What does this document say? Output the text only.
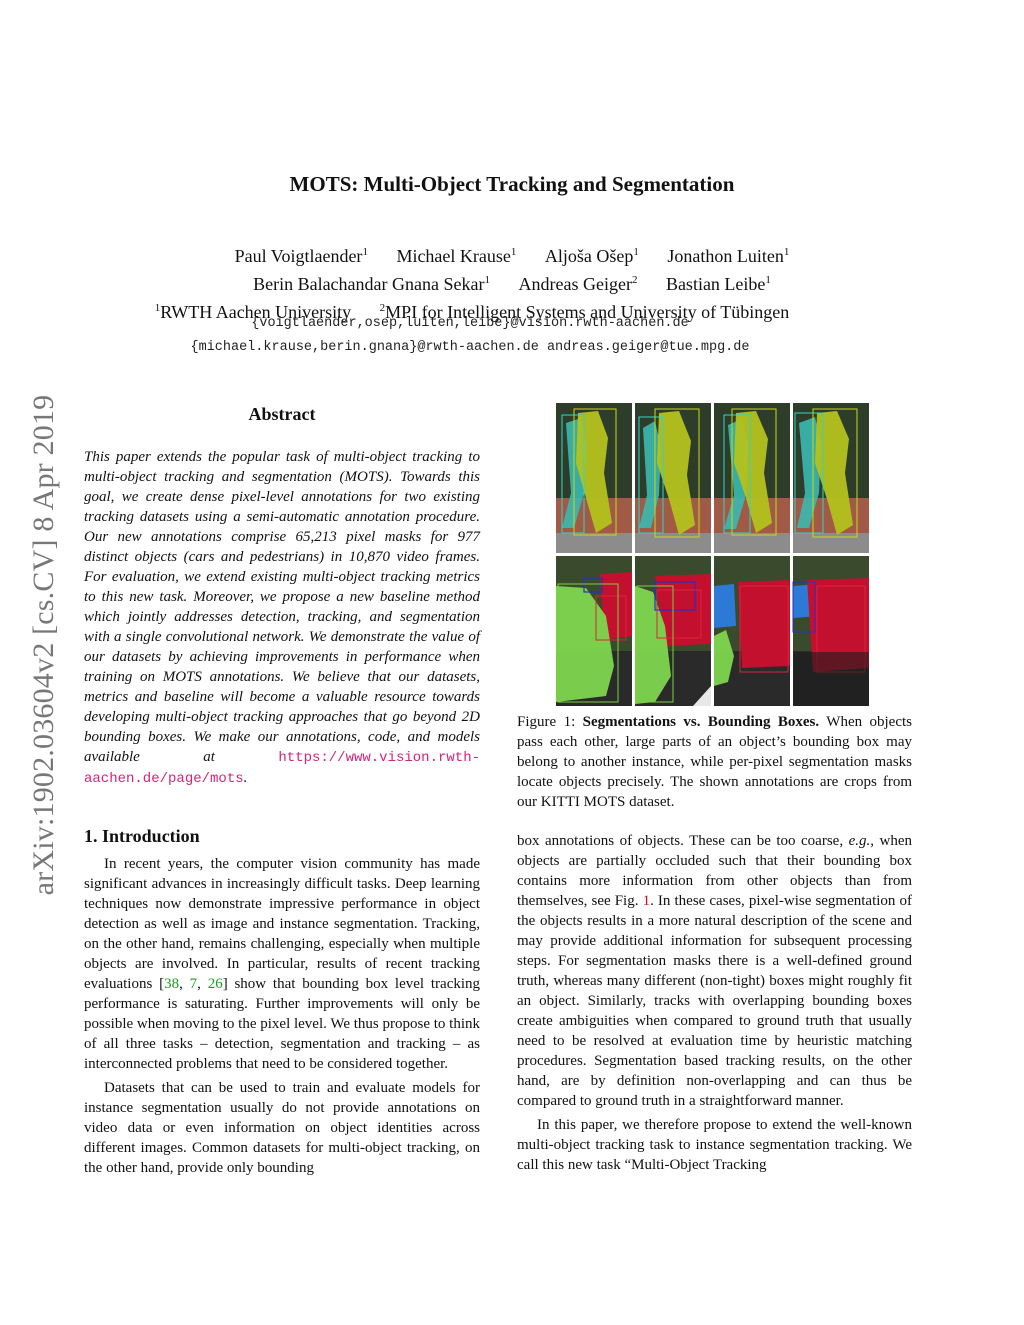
arXiv:1902.03604v2 [cs.CV] 8 Apr 2019
MOTS: Multi-Object Tracking and Segmentation
Paul Voigtlaender$^1$ Michael Krause$^1$ Aljoša Ošep$^1$ Jonathon Luiten$^1$
Berin Balachandar Gnana Sekar$^1$ Andreas Geiger$^2$ Bastian Leibe$^1$
$^1$RWTH Aachen University	$^2$MPI for Intelligent Systems and University of Tübingen
{voigtlaender,osep,luiten,leibe}@vision.rwth-aachen.de
{michael.krause,berin.gnana}@rwth-aachen.de andreas.geiger@tue.mpg.de
Abstract
This paper extends the popular task of multi-object tracking to multi-object tracking and segmentation (MOTS). Towards this goal, we create dense pixel-level annotations for two existing tracking datasets using a semi-automatic annotation procedure. Our new annotations comprise 65,213 pixel masks for 977 distinct objects (cars and pedestrians) in 10,870 video frames. For evaluation, we extend existing multi-object tracking metrics to this new task. Moreover, we propose a new baseline method which jointly addresses detection, tracking, and segmentation with a single convolutional network. We demonstrate the value of our datasets by achieving improvements in performance when training on MOTS annotations. We believe that our datasets, metrics and baseline will become a valuable resource towards developing multi-object tracking approaches that go beyond 2D bounding boxes. We make our annotations, code, and models available at	https://www.vision.rwth-aachen.de/page/mots.
1. Introduction

In recent years, the computer vision community has made significant advances in increasingly difficult tasks. Deep learning techniques now demonstrate impressive performance in object detection as well as image and instance segmentation. Tracking, on the other hand, remains challenging, especially when multiple objects are involved. In particular, results of recent tracking evaluations [38, 7, 26] show that bounding box level tracking performance is saturating. Further improvements will only be possible when moving to the pixel level. We thus propose to think of all three tasks – detection, segmentation and tracking – as interconnected problems that need to be considered together.

Datasets that can be used to train and evaluate models for instance segmentation usually do not provide annotations on video data or even information on object identities across different images. Common datasets for multi-object tracking, on the other hand, provide only bounding

Figure 1: Segmentations vs. Bounding Boxes. When objects pass each other, large parts of an object’s bounding box may belong to another instance, while per-pixel segmentation masks locate objects precisely. The shown annotations are crops from our KITTI MOTS dataset.

box annotations of objects. These can be too coarse, e.g., when objects are partially occluded such that their bounding box contains more information from other objects than from themselves, see Fig. 1. In these cases, pixel-wise segmentation of the objects results in a more natural description of the scene and may provide additional information for subsequent processing steps. For segmentation masks there is a well-defined ground truth, whereas many different (non-tight) boxes might roughly fit an object. Similarly, tracks with overlapping bounding boxes create ambiguities when compared to ground truth that usually need to be resolved at evaluation time by heuristic matching procedures. Segmentation based tracking results, on the other hand, are by definition non-overlapping and can thus be compared to ground truth in a straightforward manner.

In this paper, we therefore propose to extend the well-known multi-object tracking task to instance segmentation tracking. We call this new task “Multi-Object Tracking
